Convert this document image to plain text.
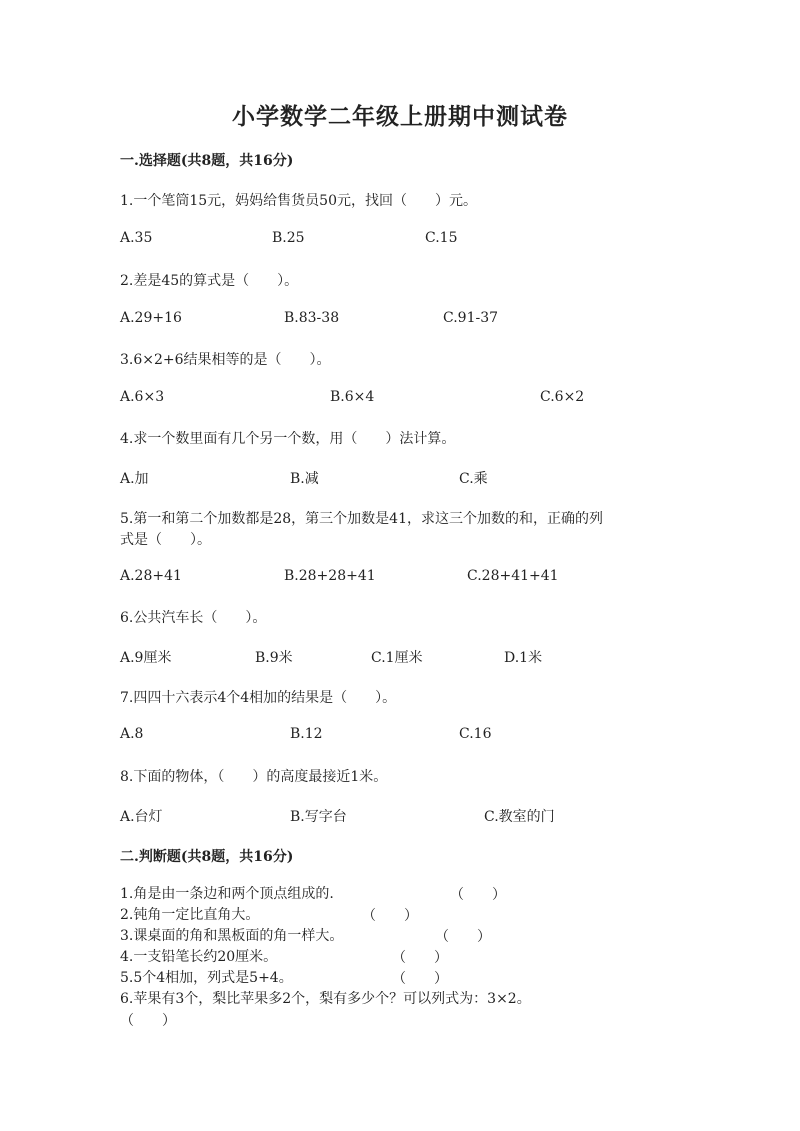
小学数学二年级上册期中测试卷
一.选择题(共8题，共16分)
1.一个笔筒15元，妈妈给售货员50元，找回（　　）元。
A.35	B.25	C.15
2.差是45的算式是（　　）。
A.29+16	B.83-38	C.91-37
3.6×2+6结果相等的是（　　）。
A.6×3	B.6×4	C.6×2
4.求一个数里面有几个另一个数，用（　　）法计算。
A.加	B.减	C.乘
5.第一和第二个加数都是28，第三个加数是41，求这三个加数的和，正确的列
式是（　　）。
A.28+41	B.28+28+41	C.28+41+41
6.公共汽车长（　　）。
A.9厘米	B.9米	C.1厘米	D.1米
7.四四十六表示4个4相加的结果是（　　）。
A.8	B.12	C.16
8.下面的物体，（　　）的高度最接近1米。
A.台灯	B.写字台	C.教室的门
二.判断题(共8题，共16分)
1.角是由一条边和两个顶点组成的.	（　　）
2.钝角一定比直角大。	（　　）
3.课桌面的角和黑板面的角一样大。	（　　）
4.一支铅笔长约20厘米。	（　　）
5.5个4相加，列式是5+4。	（　　）
6.苹果有3个，梨比苹果多2个，梨有多少个？可以列式为：3×2。
（　　）
